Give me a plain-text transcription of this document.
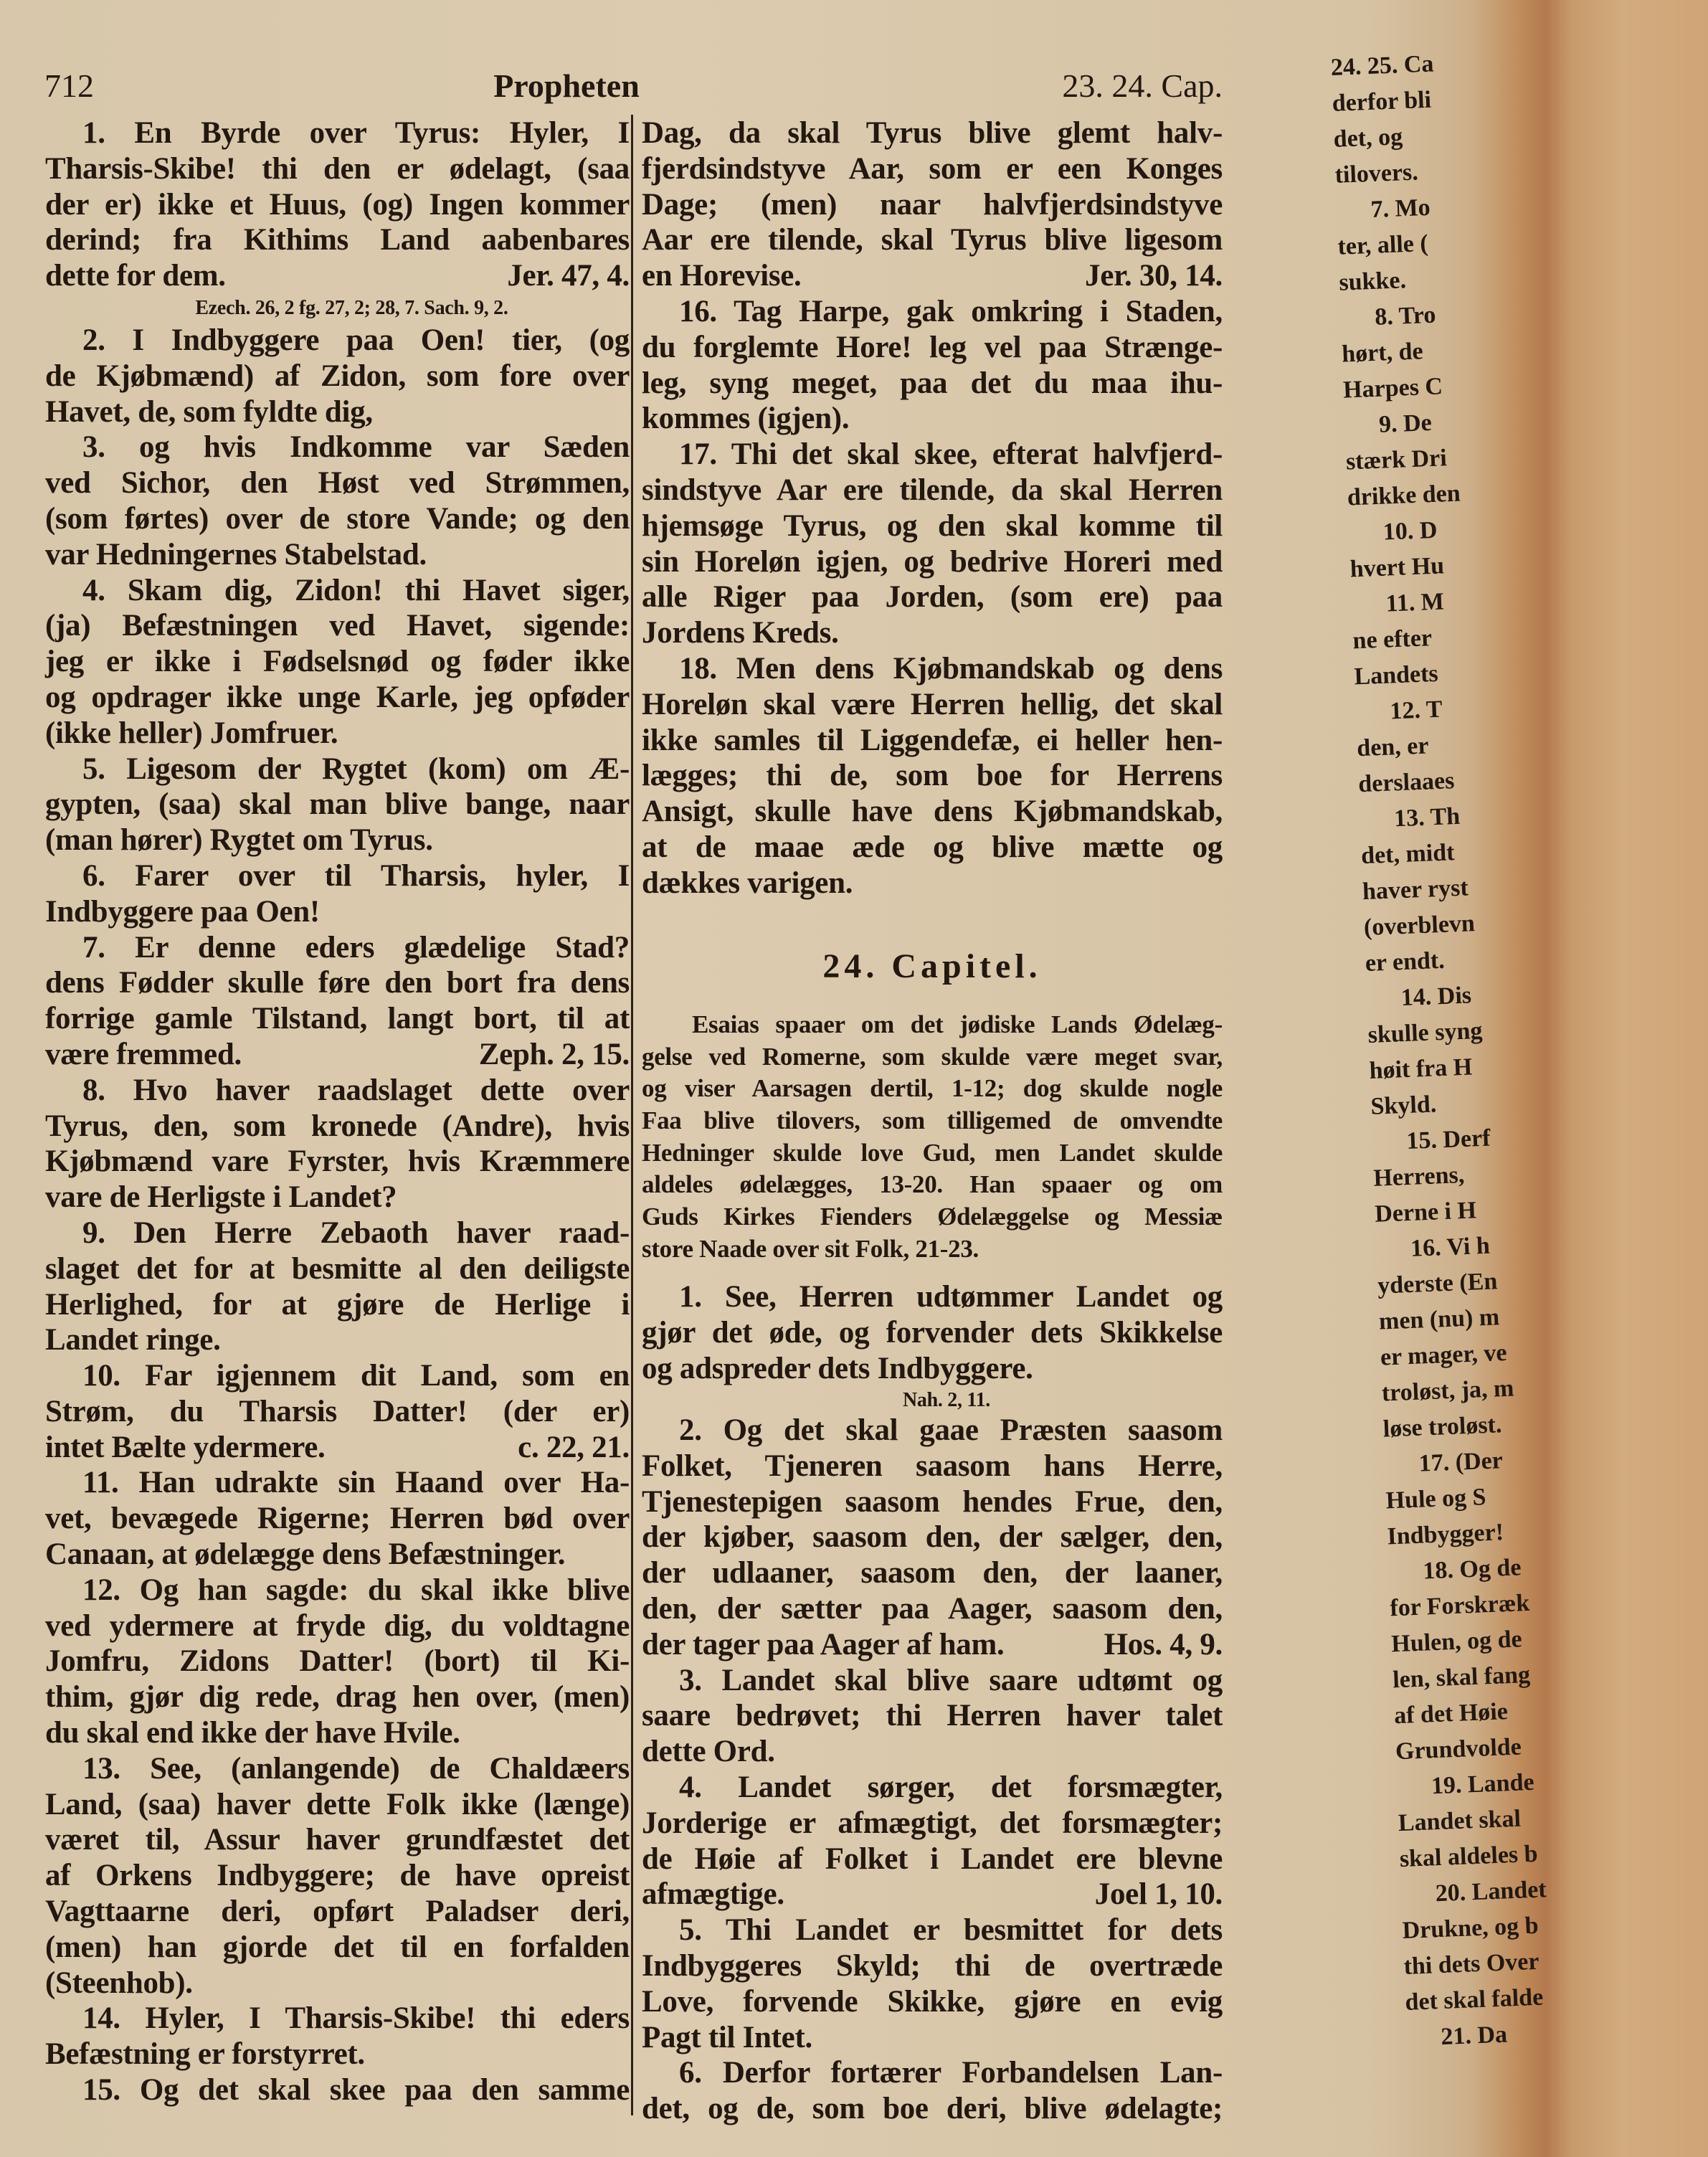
712	Propheten	23. 24. Cap.
1. En Byrde over Tyrus: Hyler, I
Tharsis-Skibe! thi den er ødelagt, (saa
der er) ikke et Huus, (og) Ingen kommer
derind; fra Kithims Land aabenbares
dette for dem.	Jer. 47, 4.
Ezech. 26, 2 fg. 27, 2; 28, 7. Sach. 9, 2.
2. I Indbyggere paa Oen! tier, (og
de Kjøbmænd) af Zidon, som fore over
Havet, de, som fyldte dig,
3. og hvis Indkomme var Sæden
ved Sichor, den Høst ved Strømmen,
(som førtes) over de store Vande; og den
var Hedningernes Stabelstad.
4. Skam dig, Zidon! thi Havet siger,
(ja) Befæstningen ved Havet, sigende:
jeg er ikke i Fødselsnød og føder ikke
og opdrager ikke unge Karle, jeg opføder
(ikke heller) Jomfruer.
5. Ligesom der Rygtet (kom) om Æ-
gypten, (saa) skal man blive bange, naar
(man hører) Rygtet om Tyrus.
6. Farer over til Tharsis, hyler, I
Indbyggere paa Oen!
7. Er denne eders glædelige Stad?
dens Fødder skulle føre den bort fra dens
forrige gamle Tilstand, langt bort, til at
være fremmed.	Zeph. 2, 15.
8. Hvo haver raadslaget dette over
Tyrus, den, som kronede (Andre), hvis
Kjøbmænd vare Fyrster, hvis Kræmmere
vare de Herligste i Landet?
9. Den Herre Zebaoth haver raad-
slaget det for at besmitte al den deiligste
Herlighed, for at gjøre de Herlige i
Landet ringe.
10. Far igjennem dit Land, som en
Strøm, du Tharsis Datter! (der er)
intet Bælte ydermere.	c. 22, 21.
11. Han udrakte sin Haand over Ha-
vet, bevægede Rigerne; Herren bød over
Canaan, at ødelægge dens Befæstninger.
12. Og han sagde: du skal ikke blive
ved ydermere at fryde dig, du voldtagne
Jomfru, Zidons Datter! (bort) til Ki-
thim, gjør dig rede, drag hen over, (men)
du skal end ikke der have Hvile.
13. See, (anlangende) de Chaldæers
Land, (saa) haver dette Folk ikke (længe)
været til, Assur haver grundfæstet det
af Orkens Indbyggere; de have opreist
Vagttaarne deri, opført Paladser deri,
(men) han gjorde det til en forfalden
(Steenhob).
14. Hyler, I Tharsis-Skibe! thi eders
Befæstning er forstyrret.
15. Og det skal skee paa den samme
Dag, da skal Tyrus blive glemt halv-
fjerdsindstyve Aar, som er een Konges
Dage; (men) naar halvfjerdsindstyve
Aar ere tilende, skal Tyrus blive ligesom
en Horevise.	Jer. 30, 14.
16. Tag Harpe, gak omkring i Staden,
du forglemte Hore! leg vel paa Strænge-
leg, syng meget, paa det du maa ihu-
kommes (igjen).
17. Thi det skal skee, efterat halvfjerd-
sindstyve Aar ere tilende, da skal Herren
hjemsøge Tyrus, og den skal komme til
sin Horeløn igjen, og bedrive Horeri med
alle Riger paa Jorden, (som ere) paa
Jordens Kreds.
18. Men dens Kjøbmandskab og dens
Horeløn skal være Herren hellig, det skal
ikke samles til Liggendefæ, ei heller hen-
lægges; thi de, som boe for Herrens
Ansigt, skulle have dens Kjøbmandskab,
at de maae æde og blive mætte og
dækkes varigen.
24. Capitel.
Esaias spaaer om det jødiske Lands Ødelæg-
gelse ved Romerne, som skulde være meget svar,
og viser Aarsagen dertil, 1-12; dog skulde nogle
Faa blive tilovers, som tilligemed de omvendte
Hedninger skulde love Gud, men Landet skulde
aldeles ødelægges, 13-20. Han spaaer og om
Guds Kirkes Fienders Ødelæggelse og Messiæ
store Naade over sit Folk, 21-23.
1. See, Herren udtømmer Landet og
gjør det øde, og forvender dets Skikkelse
og adspreder dets Indbyggere.
Nah. 2, 11.
2. Og det skal gaae Præsten saasom
Folket, Tjeneren saasom hans Herre,
Tjenestepigen saasom hendes Frue, den,
der kjøber, saasom den, der sælger, den,
der udlaaner, saasom den, der laaner,
den, der sætter paa Aager, saasom den,
der tager paa Aager af ham.	Hos. 4, 9.
3. Landet skal blive saare udtømt og
saare bedrøvet; thi Herren haver talet
dette Ord.
4. Landet sørger, det forsmægter,
Jorderige er afmægtigt, det forsmægter;
de Høie af Folket i Landet ere blevne
afmægtige.	Joel 1, 10.
5. Thi Landet er besmittet for dets
Indbyggeres Skyld; thi de overtræde
Love, forvende Skikke, gjøre en evig
Pagt til Intet.
6. Derfor fortærer Forbandelsen Lan-
det, og de, som boe deri, blive ødelagte;
24. 25. Ca
derfor bli
det, og
tilovers.
7. Mo
ter, alle (
sukke.
8. Tro
hørt, de
Harpes C
9. De
stærk Dri
drikke den
10. D
hvert Hu
11. M
ne efter
Landets
12. T
den, er
derslaaes
13. Th
det, midt
haver ryst
(overblevn
er endt.
14. Dis
skulle syng
høit fra H
Skyld.
15. Derf
Herrens,
Derne i H
16. Vi h
yderste (En
men (nu) m
er mager, ve
troløst, ja, m
løse troløst.
17. (Der
Hule og S
Indbygger!
18. Og de
for Forskræk
Hulen, og de
len, skal fang
af det Høie
Grundvolde
19. Lande
Landet skal
skal aldeles b
20. Landet
Drukne, og b
thi dets Over
det skal falde
21. Da
